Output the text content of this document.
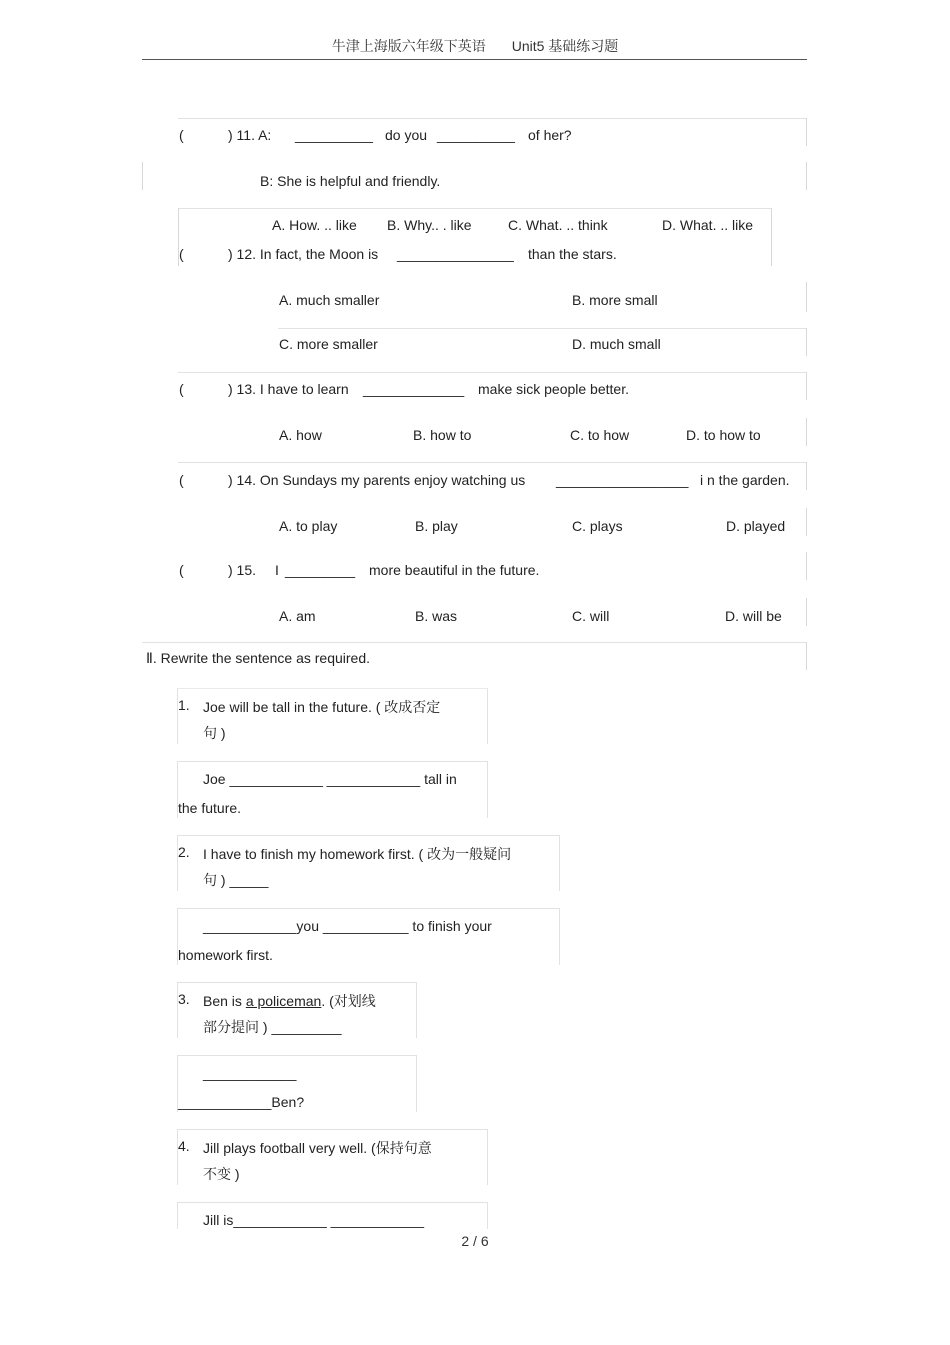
牛津上海版六年级下英语 Unit5 基础练习题
(	) 11. A: __________ do you __________ of her?
B: She is helpful and friendly.
A. How. .. like B. Why.. . like	C. What. .. think	D. What. .. like
(	) 12. In fact, the Moon is _______________ than the stars.
A. much smaller	B. more small
C. more smaller	D. much small
(	) 13. I have to learn _____________ make sick people better.
A. how	B. how to	C. to how	D. to how to
(	) 14. On Sundays my parents enjoy watching us _________________ i n the garden.
A. to play	B. play	C. plays	D. played
(	) 15. I _________ more beautiful in the future.
A. am	B. was	C. will	D. will be
Ⅱ. Rewrite the sentence as required.
1. Joe will be tall in the future. ( 改成否定
句 )
Joe ____________ ____________ tall in
the future.
2. I have to finish my homework first. ( 改为一般疑问
句 ) _____
____________you ___________ to finish your
homework first.
3. Ben is a policeman. (对划线
部分提问 ) _________
____________
____________Ben?
4. Jill plays football very well. (保持句意
不变 )
Jill is____________ ____________
2 / 6
